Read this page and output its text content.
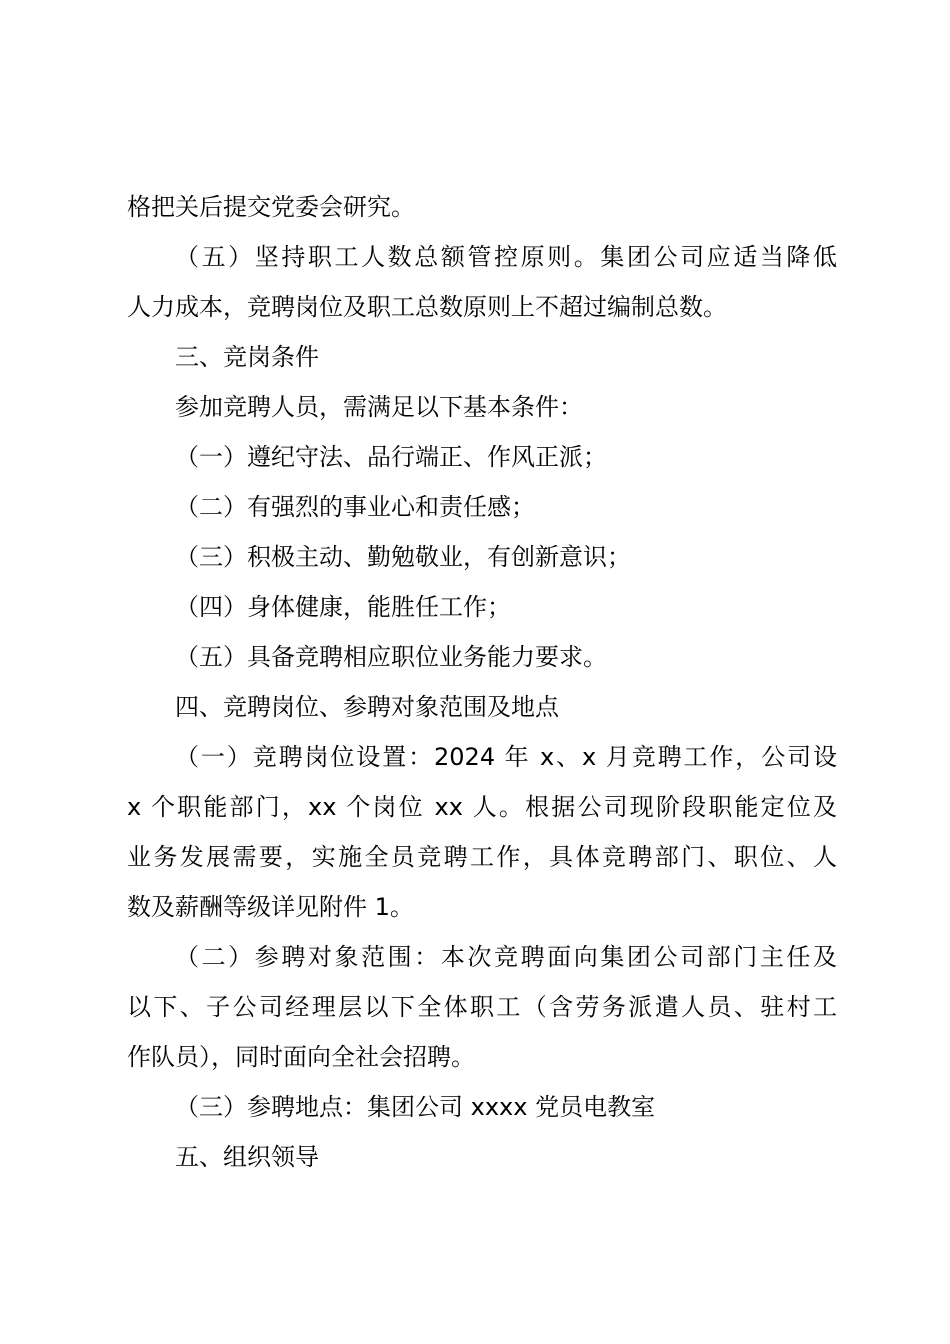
格把关后提交党委会研究。
（五）坚持职工人数总额管控原则。集团公司应适当降低
人力成本，竞聘岗位及职工总数原则上不超过编制总数。
三、竞岗条件
参加竞聘人员，需满足以下基本条件：
（一）遵纪守法、品行端正、作风正派；
（二）有强烈的事业心和责任感；
（三）积极主动、勤勉敬业，有创新意识；
（四）身体健康，能胜任工作；
（五）具备竞聘相应职位业务能力要求。
四、竞聘岗位、参聘对象范围及地点
（一）竞聘岗位设置：2024 年 x、x 月竞聘工作，公司设
x 个职能部门，xx 个岗位 xx 人。根据公司现阶段职能定位及
业务发展需要，实施全员竞聘工作，具体竞聘部门、职位、人
数及薪酬等级详见附件 1。
（二）参聘对象范围：本次竞聘面向集团公司部门主任及
以下、子公司经理层以下全体职工（含劳务派遣人员、驻村工
作队员），同时面向全社会招聘。
（三）参聘地点：集团公司 xxxx 党员电教室
五、组织领导
